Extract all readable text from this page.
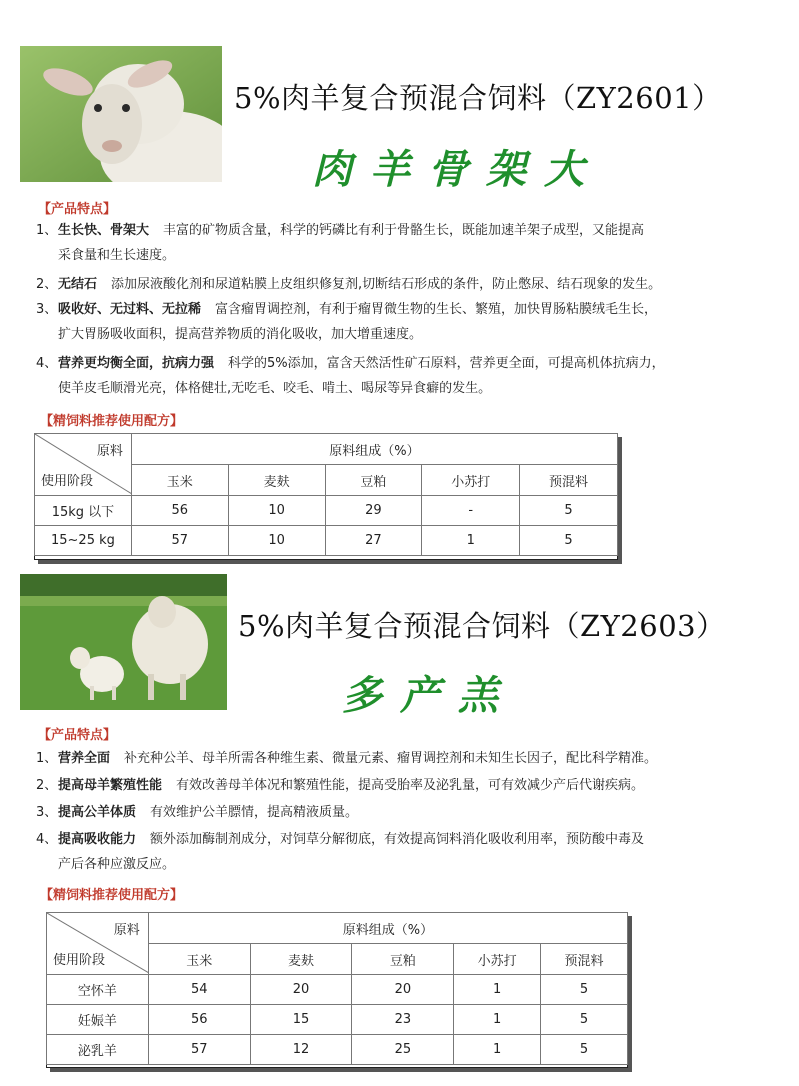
5%肉羊复合预混合饲料（ZY2601）
肉羊骨架大
【产品特点】
1、生长快、骨架大 丰富的矿物质含量，科学的钙磷比有利于骨骼生长，既能加速羊架子成型，又能提高
采食量和生长速度。
2、无结石 添加尿液酸化剂和尿道粘膜上皮组织修复剂,切断结石形成的条件，防止憋尿、结石现象的发生。
3、吸收好、无过料、无拉稀 富含瘤胃调控剂，有利于瘤胃微生物的生长、繁殖，加快胃肠粘膜绒毛生长，
扩大胃肠吸收面积，提高营养物质的消化吸收，加大增重速度。
4、营养更均衡全面，抗病力强 科学的5%添加，富含天然活性矿石原料，营养更全面，可提高机体抗病力，
使羊皮毛顺滑光亮，体格健壮,无吃毛、咬毛、啃土、喝尿等异食癖的发生。
【精饲料推荐使用配方】
原料
使用阶段	原料组成（%）				
	玉米	麦麸	豆粕	小苏打	预混料
15kg 以下	56	10	29	-	5
15~25 kg	57	10	27	1	5
5%肉羊复合预混合饲料（ZY2603）
多产羔
【产品特点】
1、营养全面 补充种公羊、母羊所需各种维生素、微量元素、瘤胃调控剂和未知生长因子，配比科学精准。
2、提高母羊繁殖性能 有效改善母羊体况和繁殖性能，提高受胎率及泌乳量，可有效减少产后代谢疾病。
3、提高公羊体质 有效维护公羊膘情，提高精液质量。
4、提高吸收能力 额外添加酶制剂成分，对饲草分解彻底，有效提高饲料消化吸收利用率，预防酸中毒及
产后各种应激反应。
【精饲料推荐使用配方】
原料
使用阶段	原料组成（%）				
	玉米	麦麸	豆粕	小苏打	预混料
空怀羊	54	20	20	1	5
妊娠羊	56	15	23	1	5
泌乳羊	57	12	25	1	5
